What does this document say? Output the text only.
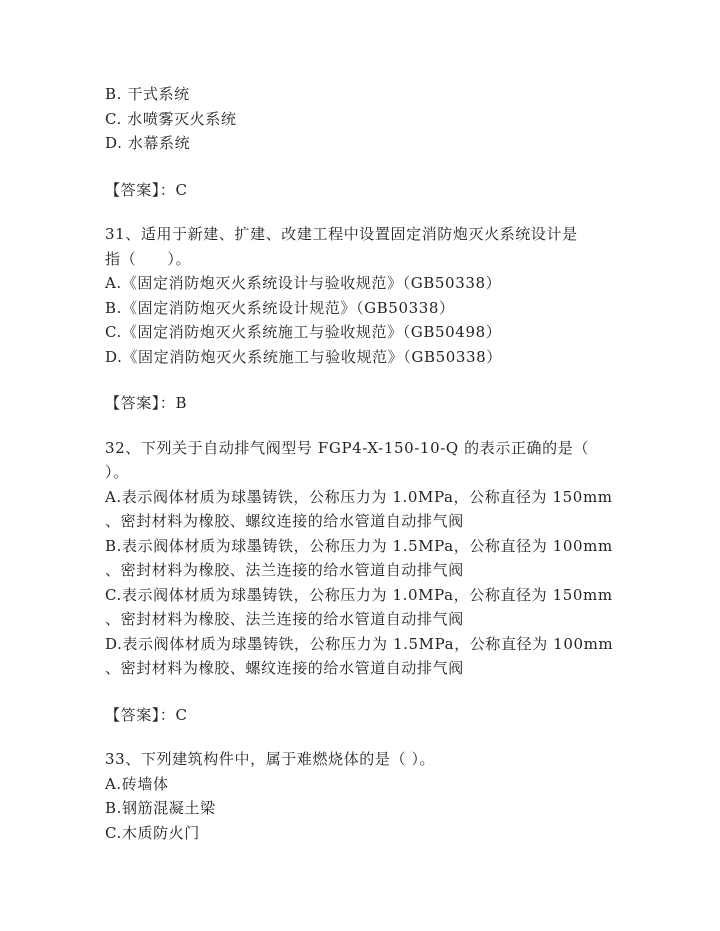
B. 干式系统
C. 水喷雾灭火系统
D. 水幕系统
【答案】：C
31、适用于新建、扩建、改建工程中设置固定消防炮灭火系统设计是
指（　　）。
A.《固定消防炮灭火系统设计与验收规范》（GB50338）
B.《固定消防炮灭火系统设计规范》（GB50338）
C.《固定消防炮灭火系统施工与验收规范》（GB50498）
D.《固定消防炮灭火系统施工与验收规范》（GB50338）
【答案】：B
32、下列关于自动排气阀型号 FGP4-X-150-10-Q 的表示正确的是（
）。
A.表示阀体材质为球墨铸铁，公称压力为 1.0MPa，公称直径为 150mm
、密封材料为橡胶、螺纹连接的给水管道自动排气阀
B.表示阀体材质为球墨铸铁，公称压力为 1.5MPa，公称直径为 100mm
、密封材料为橡胶、法兰连接的给水管道自动排气阀
C.表示阀体材质为球墨铸铁，公称压力为 1.0MPa，公称直径为 150mm
、密封材料为橡胶、法兰连接的给水管道自动排气阀
D.表示阀体材质为球墨铸铁，公称压力为 1.5MPa，公称直径为 100mm
、密封材料为橡胶、螺纹连接的给水管道自动排气阀
【答案】：C
33、下列建筑构件中，属于难燃烧体的是（ ）。
A.砖墙体
B.钢筋混凝土梁
C.木质防火门
